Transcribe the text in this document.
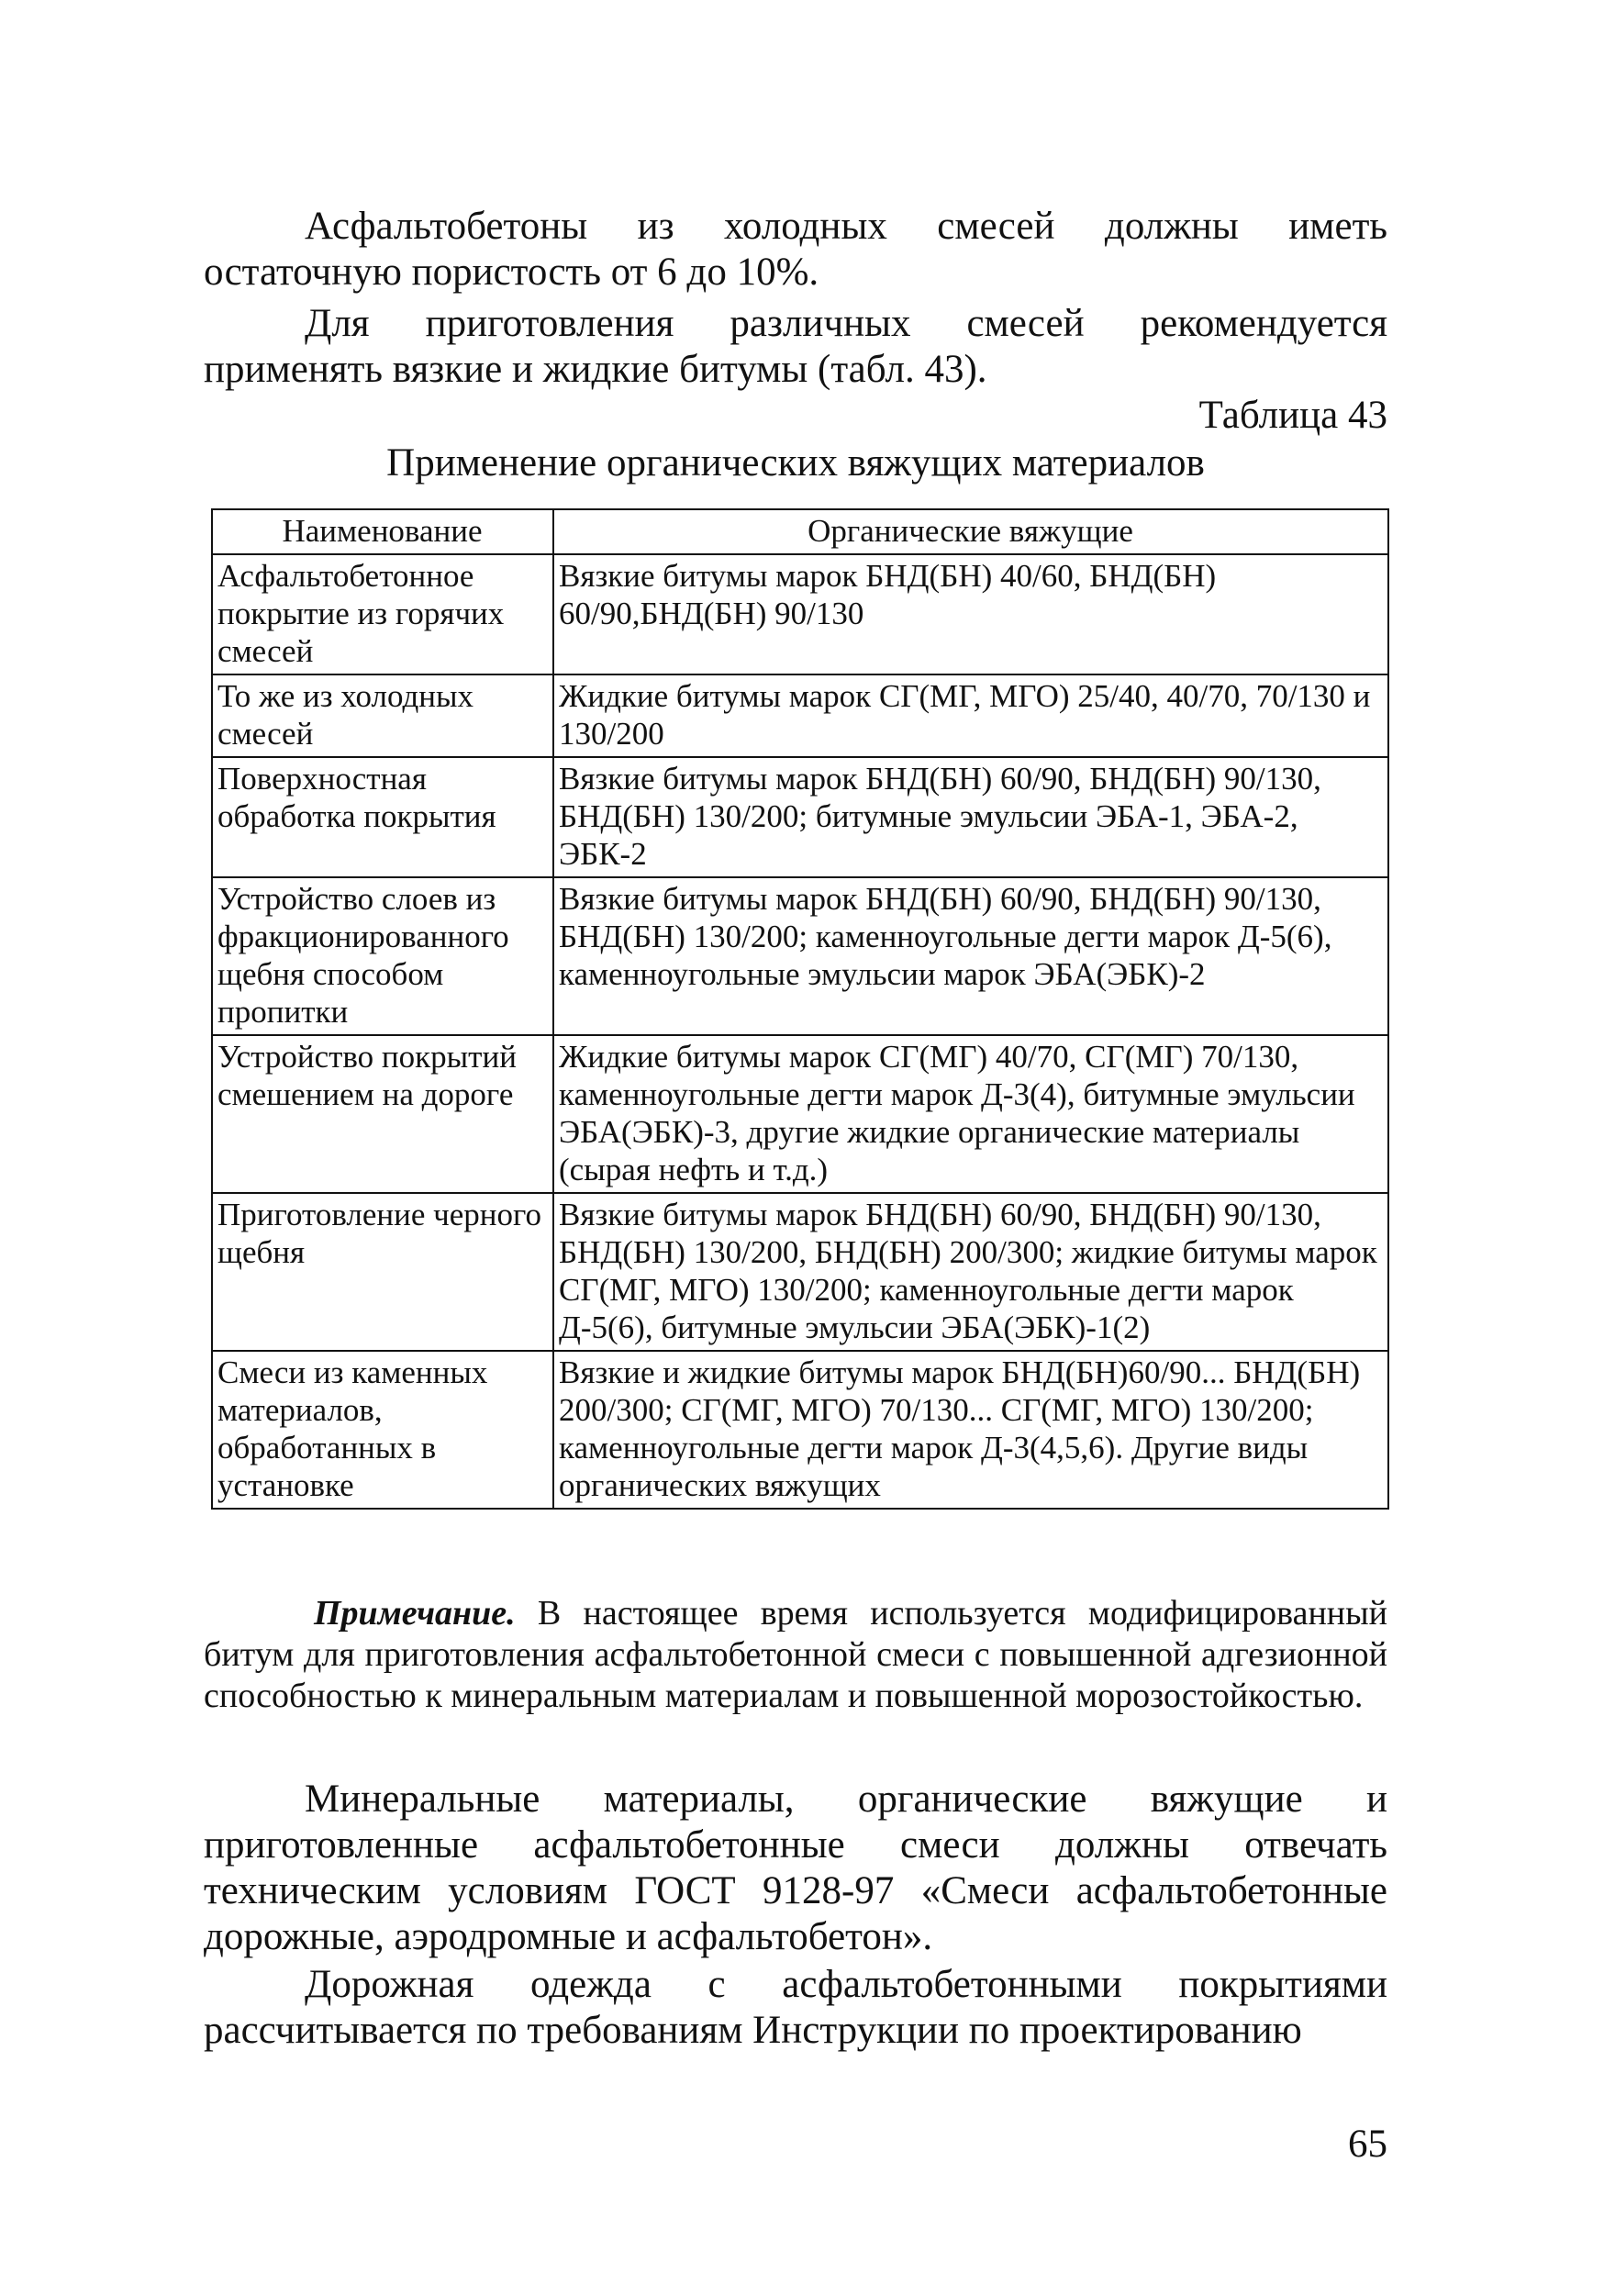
Асфальтобетоны из холодных смесей должны иметь остаточную пористость от 6 до 10%.

Для приготовления различных смесей рекомендуется применять вязкие и жидкие битумы (табл. 43).

Таблица 43

Применение органических вяжущих материалов

Наименование	Органические вяжущие
Асфальтобетонное покрытие из горячих смесей	Вязкие битумы марок БНД(БН) 40/60, БНД(БН) 60/90,БНД(БН) 90/130
То же из холодных смесей	Жидкие битумы марок СГ(МГ, МГО) 25/40, 40/70, 70/130 и 130/200
Поверхностная обработка покрытия	Вязкие битумы марок БНД(БН) 60/90, БНД(БН) 90/130, БНД(БН) 130/200; битумные эмульсии ЭБА-1, ЭБА-2, ЭБК-2
Устройство слоев из фракционированного щебня способом пропитки	Вязкие битумы марок БНД(БН) 60/90, БНД(БН) 90/130, БНД(БН) 130/200; каменноугольные дегти марок Д-5(6), каменноугольные эмульсии марок ЭБА(ЭБК)-2
Устройство покрытий смешением на дороге	Жидкие битумы марок СГ(МГ) 40/70, СГ(МГ) 70/130, каменноугольные дегти марок Д-3(4), битумные эмульсии ЭБА(ЭБК)-3, другие жидкие органические материалы (сырая нефть и т.д.)
Приготовление черного щебня	Вязкие битумы марок БНД(БН) 60/90, БНД(БН) 90/130, БНД(БН) 130/200, БНД(БН) 200/300; жидкие битумы марок СГ(МГ, МГО) 130/200; каменноугольные дегти марок Д-5(6), битумные эмульсии ЭБА(ЭБК)-1(2)
Смеси из каменных материалов, обработанных в установке	Вязкие и жидкие битумы марок БНД(БН)60/90... БНД(БН) 200/300; СГ(МГ, МГО) 70/130... СГ(МГ, МГО) 130/200; каменноугольные дегти марок Д-3(4,5,6). Другие виды органических вяжущих

Примечание. В настоящее время используется модифицированный битум для приготовления асфальтобетонной смеси с повышенной адгезионной способностью к минеральным материалам и повышенной морозостойкостью.

Минеральные материалы, органические вяжущие и приготовленные асфальтобетонные смеси должны отвечать техническим условиям ГОСТ 9128-97 «Смеси асфальтобетонные дорожные, аэродромные и асфальтобетон».

Дорожная одежда с асфальтобетонными покрытиями рассчитывается по требованиям Инструкции по проектированию

65
